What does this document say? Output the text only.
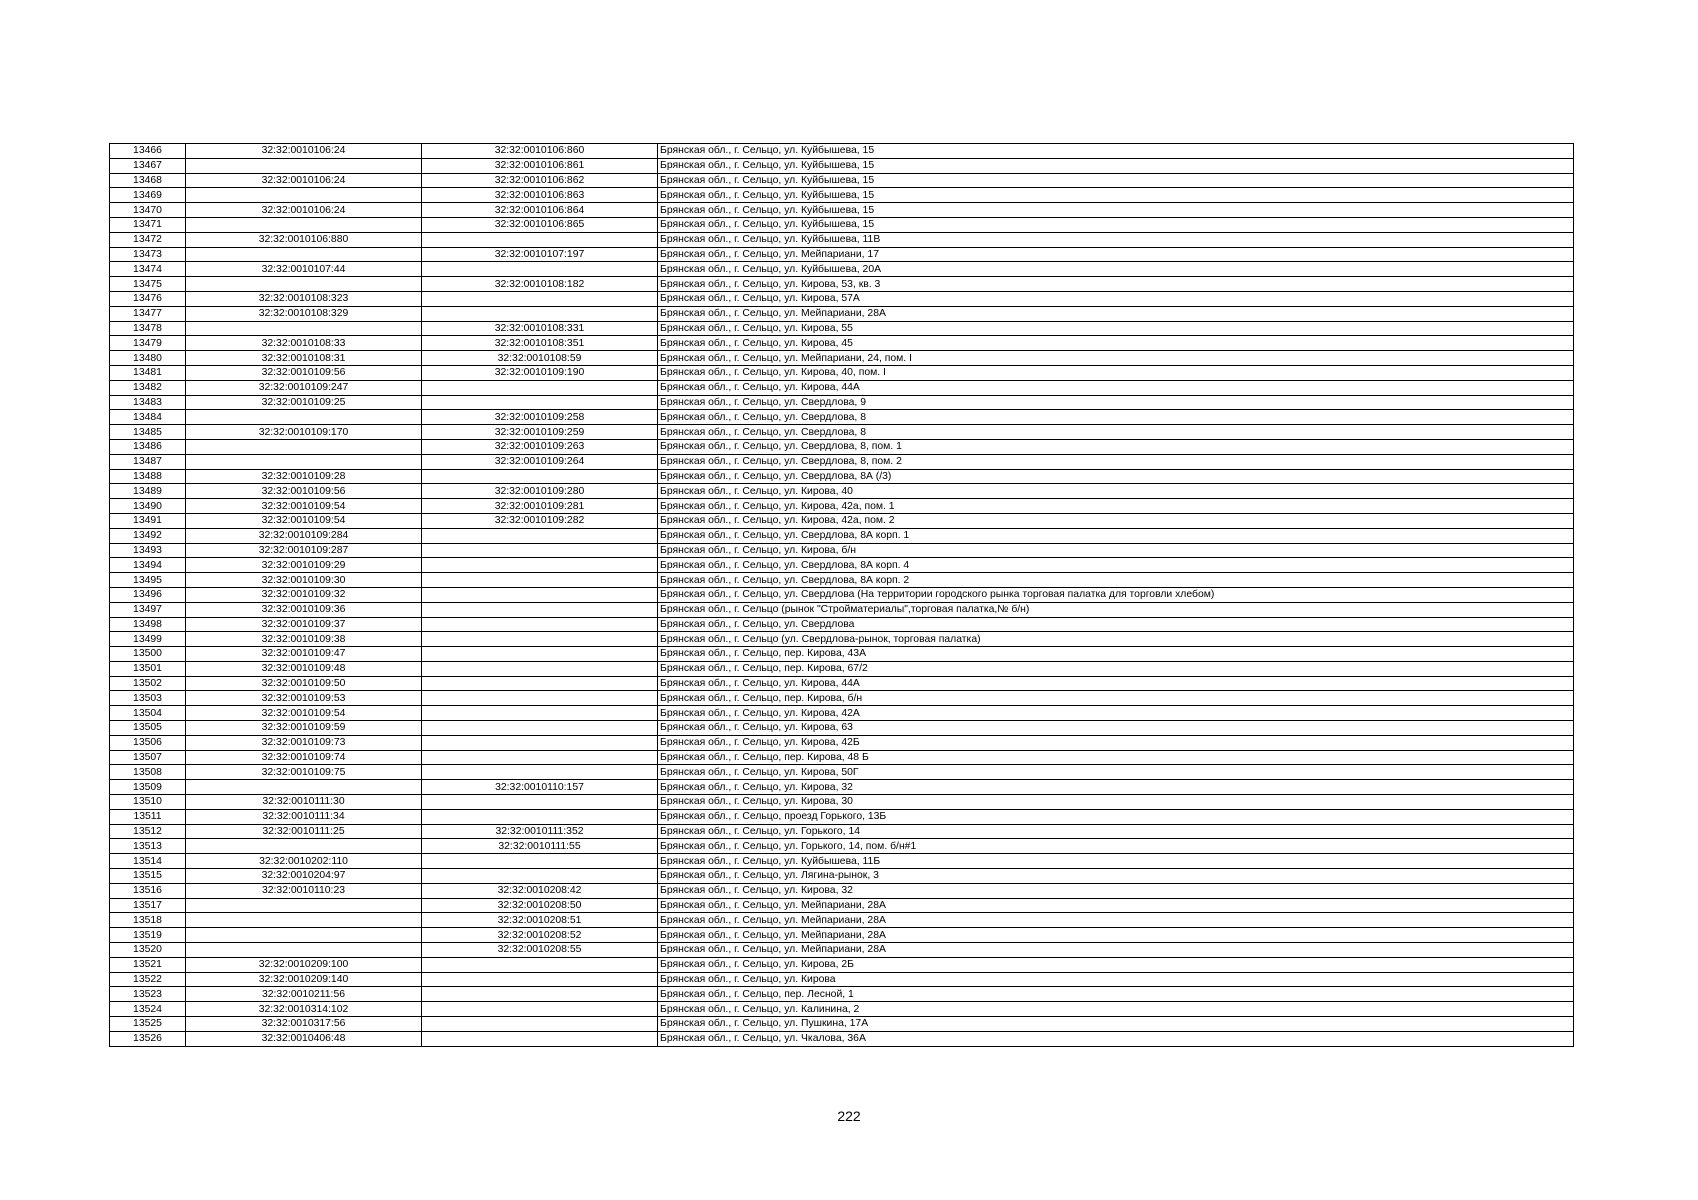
13466	32:32:0010106:24	32:32:0010106:860	Брянская обл., г. Сельцо, ул. Куйбышева, 15
13467		32:32:0010106:861	Брянская обл., г. Сельцо, ул. Куйбышева, 15
13468	32:32:0010106:24	32:32:0010106:862	Брянская обл., г. Сельцо, ул. Куйбышева, 15
13469		32:32:0010106:863	Брянская обл., г. Сельцо, ул. Куйбышева, 15
13470	32:32:0010106:24	32:32:0010106:864	Брянская обл., г. Сельцо, ул. Куйбышева, 15
13471		32:32:0010106:865	Брянская обл., г. Сельцо, ул. Куйбышева, 15
13472	32:32:0010106:880		Брянская обл., г. Сельцо, ул. Куйбышева, 11В
13473		32:32:0010107:197	Брянская обл., г. Сельцо, ул. Мейпариани, 17
13474	32:32:0010107:44		Брянская обл., г. Сельцо, ул. Куйбышева, 20А
13475		32:32:0010108:182	Брянская обл., г. Сельцо, ул. Кирова, 53, кв. 3
13476	32:32:0010108:323		Брянская обл., г. Сельцо, ул. Кирова, 57А
13477	32:32:0010108:329		Брянская обл., г. Сельцо, ул. Мейпариани, 28А
13478		32:32:0010108:331	Брянская обл., г. Сельцо, ул. Кирова, 55
13479	32:32:0010108:33	32:32:0010108:351	Брянская обл., г. Сельцо, ул. Кирова, 45
13480	32:32:0010108:31	32:32:0010108:59	Брянская обл., г. Сельцо, ул. Мейпариани, 24, пом. I
13481	32:32:0010109:56	32:32:0010109:190	Брянская обл., г. Сельцо, ул. Кирова, 40, пом. I
13482	32:32:0010109:247		Брянская обл., г. Сельцо, ул. Кирова, 44А
13483	32:32:0010109:25		Брянская обл., г. Сельцо, ул. Свердлова, 9
13484		32:32:0010109:258	Брянская обл., г. Сельцо, ул. Свердлова, 8
13485	32:32:0010109:170	32:32:0010109:259	Брянская обл., г. Сельцо, ул. Свердлова, 8
13486		32:32:0010109:263	Брянская обл., г. Сельцо, ул. Свердлова, 8, пом. 1
13487		32:32:0010109:264	Брянская обл., г. Сельцо, ул. Свердлова, 8, пом. 2
13488	32:32:0010109:28		Брянская обл., г. Сельцо, ул. Свердлова, 8А (/3)
13489	32:32:0010109:56	32:32:0010109:280	Брянская обл., г. Сельцо, ул. Кирова, 40
13490	32:32:0010109:54	32:32:0010109:281	Брянская обл., г. Сельцо, ул. Кирова, 42а, пом. 1
13491	32:32:0010109:54	32:32:0010109:282	Брянская обл., г. Сельцо, ул. Кирова, 42а, пом. 2
13492	32:32:0010109:284		Брянская обл., г. Сельцо, ул. Свердлова, 8А корп. 1
13493	32:32:0010109:287		Брянская обл., г. Сельцо, ул. Кирова, б/н
13494	32:32:0010109:29		Брянская обл., г. Сельцо, ул. Свердлова, 8А корп. 4
13495	32:32:0010109:30		Брянская обл., г. Сельцо, ул. Свердлова, 8А корп. 2
13496	32:32:0010109:32		Брянская обл., г. Сельцо, ул. Свердлова (На территории городского рынка торговая палатка для торговли хлебом)
13497	32:32:0010109:36		Брянская обл., г. Сельцо (рынок "Стройматериалы",торговая палатка,№ б/н)
13498	32:32:0010109:37		Брянская обл., г. Сельцо, ул. Свердлова
13499	32:32:0010109:38		Брянская обл., г. Сельцо (ул. Свердлова-рынок, торговая палатка)
13500	32:32:0010109:47		Брянская обл., г. Сельцо, пер. Кирова, 43А
13501	32:32:0010109:48		Брянская обл., г. Сельцо, пер. Кирова, 67/2
13502	32:32:0010109:50		Брянская обл., г. Сельцо, ул. Кирова, 44А
13503	32:32:0010109:53		Брянская обл., г. Сельцо, пер. Кирова, б/н
13504	32:32:0010109:54		Брянская обл., г. Сельцо, ул. Кирова, 42А
13505	32:32:0010109:59		Брянская обл., г. Сельцо, ул. Кирова, 63
13506	32:32:0010109:73		Брянская обл., г. Сельцо, ул. Кирова, 42Б
13507	32:32:0010109:74		Брянская обл., г. Сельцо, пер. Кирова, 48 Б
13508	32:32:0010109:75		Брянская обл., г. Сельцо, ул. Кирова, 50Г
13509		32:32:0010110:157	Брянская обл., г. Сельцо, ул. Кирова, 32
13510	32:32:0010111:30		Брянская обл., г. Сельцо, ул. Кирова, 30
13511	32:32:0010111:34		Брянская обл., г. Сельцо, проезд Горького, 13Б
13512	32:32:0010111:25	32:32:0010111:352	Брянская обл., г. Сельцо, ул. Горького, 14
13513		32:32:0010111:55	Брянская обл., г. Сельцо, ул. Горького, 14, пом. б/н#1
13514	32:32:0010202:110		Брянская обл., г. Сельцо, ул. Куйбышева, 11Б
13515	32:32:0010204:97		Брянская обл., г. Сельцо, ул. Лягина-рынок, 3
13516	32:32:0010110:23	32:32:0010208:42	Брянская обл., г. Сельцо, ул. Кирова, 32
13517		32:32:0010208:50	Брянская обл., г. Сельцо, ул. Мейпариани, 28А
13518		32:32:0010208:51	Брянская обл., г. Сельцо, ул. Мейпариани, 28А
13519		32:32:0010208:52	Брянская обл., г. Сельцо, ул. Мейпариани, 28А
13520		32:32:0010208:55	Брянская обл., г. Сельцо, ул. Мейпариани, 28А
13521	32:32:0010209:100		Брянская обл., г. Сельцо, ул. Кирова, 2Б
13522	32:32:0010209:140		Брянская обл., г. Сельцо, ул. Кирова
13523	32:32:0010211:56		Брянская обл., г. Сельцо, пер. Лесной, 1
13524	32:32:0010314:102		Брянская обл., г. Сельцо, ул. Калинина, 2
13525	32:32:0010317:56		Брянская обл., г. Сельцо, ул. Пушкина, 17А
13526	32:32:0010406:48		Брянская обл., г. Сельцо, ул. Чкалова, 36А
222
